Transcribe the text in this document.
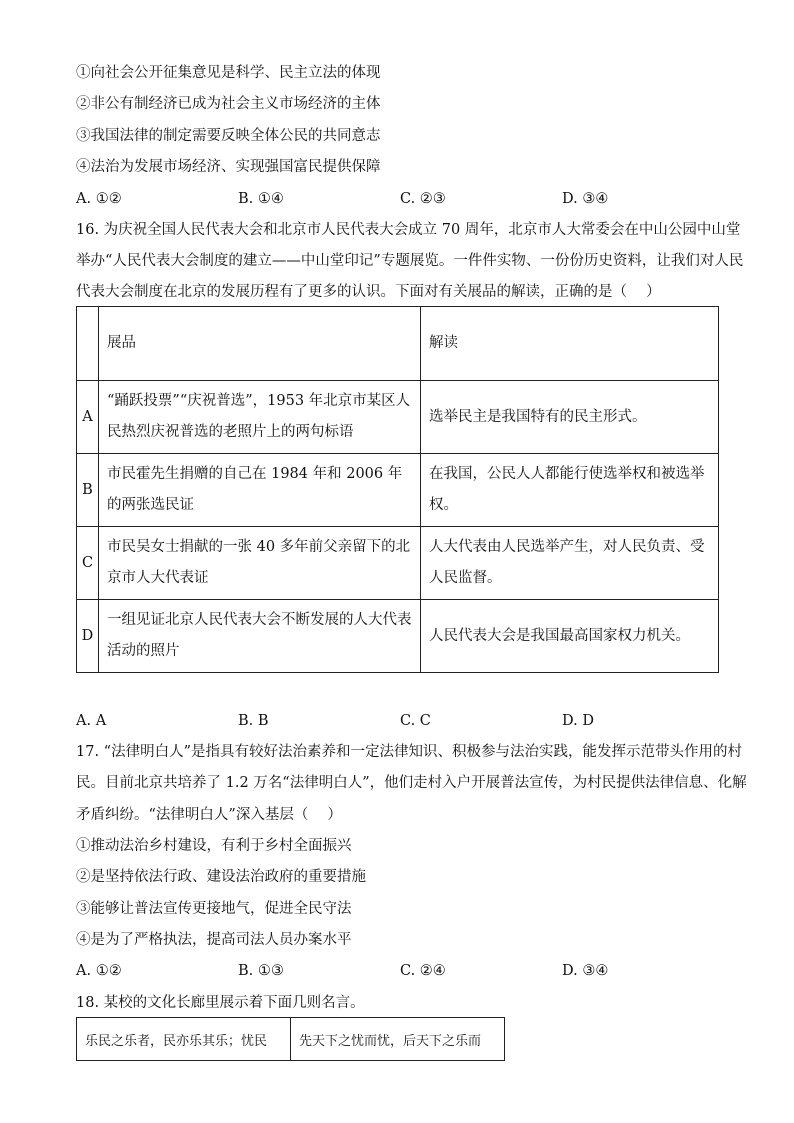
①向社会公开征集意见是科学、民主立法的体现
②非公有制经济已成为社会主义市场经济的主体
③我国法律的制定需要反映全体公民的共同意志
④法治为发展市场经济、实现强国富民提供保障
A. ①②	B. ①④	C. ②③	D. ③④
16. 为庆祝全国人民代表大会和北京市人民代表大会成立 70 周年，北京市人大常委会在中山公园中山堂
举办“人民代表大会制度的建立——中山堂印记”专题展览。一件件实物、一份份历史资料，让我们对人民
代表大会制度在北京的发展历程有了更多的认识。下面对有关展品的解读，正确的是（　 ）
	展品	解读
A	“踊跃投票”“庆祝普选”，1953 年北京市某区人民热烈庆祝普选的老照片上的两句标语	选举民主是我国特有的民主形式。
B	市民霍先生捐赠的自己在 1984 年和 2006 年的两张选民证	在我国，公民人人都能行使选举权和被选举权。
C	市民吴女士捐献的一张 40 多年前父亲留下的北京市人大代表证	人大代表由人民选举产生，对人民负责、受人民监督。
D	一组见证北京人民代表大会不断发展的人大代表活动的照片	人民代表大会是我国最高国家权力机关。
A. A	B. B	C. C	D. D
17. “法律明白人”是指具有较好法治素养和一定法律知识、积极参与法治实践，能发挥示范带头作用的村
民。目前北京共培养了 1.2 万名“法律明白人”，他们走村入户开展普法宣传，为村民提供法律信息、化解
矛盾纠纷。“法律明白人”深入基层（　 ）
①推动法治乡村建设，有利于乡村全面振兴
②是坚持依法行政、建设法治政府的重要措施
③能够让普法宣传更接地气，促进全民守法
④是为了严格执法，提高司法人员办案水平
A. ①②	B. ①③	C. ②④	D. ③④
18. 某校的文化长廊里展示着下面几则名言。
乐民之乐者，民亦乐其乐；忧民	先天下之忧而忧，后天下之乐而
